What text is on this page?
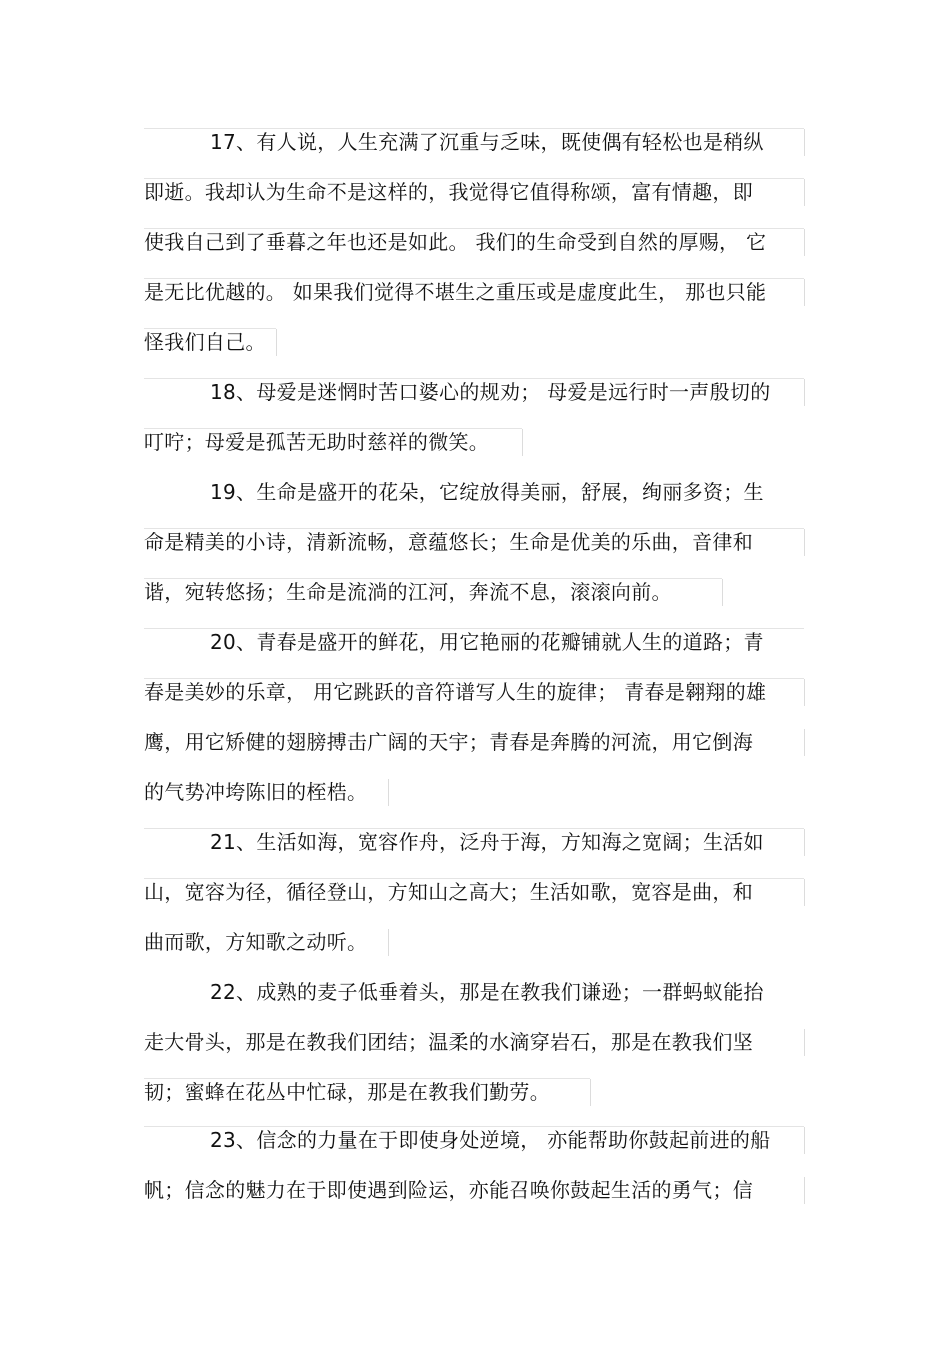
17、有人说，人生充满了沉重与乏味，既使偶有轻松也是稍纵
即逝。我却认为生命不是这样的，我觉得它值得称颂，富有情趣，即
使我自己到了垂暮之年也还是如此。 我们的生命受到自然的厚赐， 它
是无比优越的。 如果我们觉得不堪生之重压或是虚度此生， 那也只能
怪我们自己。
18、母爱是迷惘时苦口婆心的规劝； 母爱是远行时一声殷切的
叮咛；母爱是孤苦无助时慈祥的微笑。
19、生命是盛开的花朵，它绽放得美丽，舒展，绚丽多资；生
命是精美的小诗，清新流畅，意蕴悠长；生命是优美的乐曲，音律和
谐，宛转悠扬；生命是流淌的江河，奔流不息，滚滚向前。
20、青春是盛开的鲜花，用它艳丽的花瓣铺就人生的道路；青
春是美妙的乐章， 用它跳跃的音符谱写人生的旋律； 青春是翱翔的雄
鹰，用它矫健的翅膀搏击广阔的天宇；青春是奔腾的河流，用它倒海
的气势冲垮陈旧的桎梏。
21、生活如海，宽容作舟，泛舟于海，方知海之宽阔；生活如
山，宽容为径，循径登山，方知山之高大；生活如歌，宽容是曲，和
曲而歌，方知歌之动听。
22、成熟的麦子低垂着头，那是在教我们谦逊；一群蚂蚁能抬
走大骨头，那是在教我们团结；温柔的水滴穿岩石，那是在教我们坚
韧；蜜蜂在花丛中忙碌，那是在教我们勤劳。
23、信念的力量在于即使身处逆境， 亦能帮助你鼓起前进的船
帆；信念的魅力在于即使遇到险运，亦能召唤你鼓起生活的勇气；信
